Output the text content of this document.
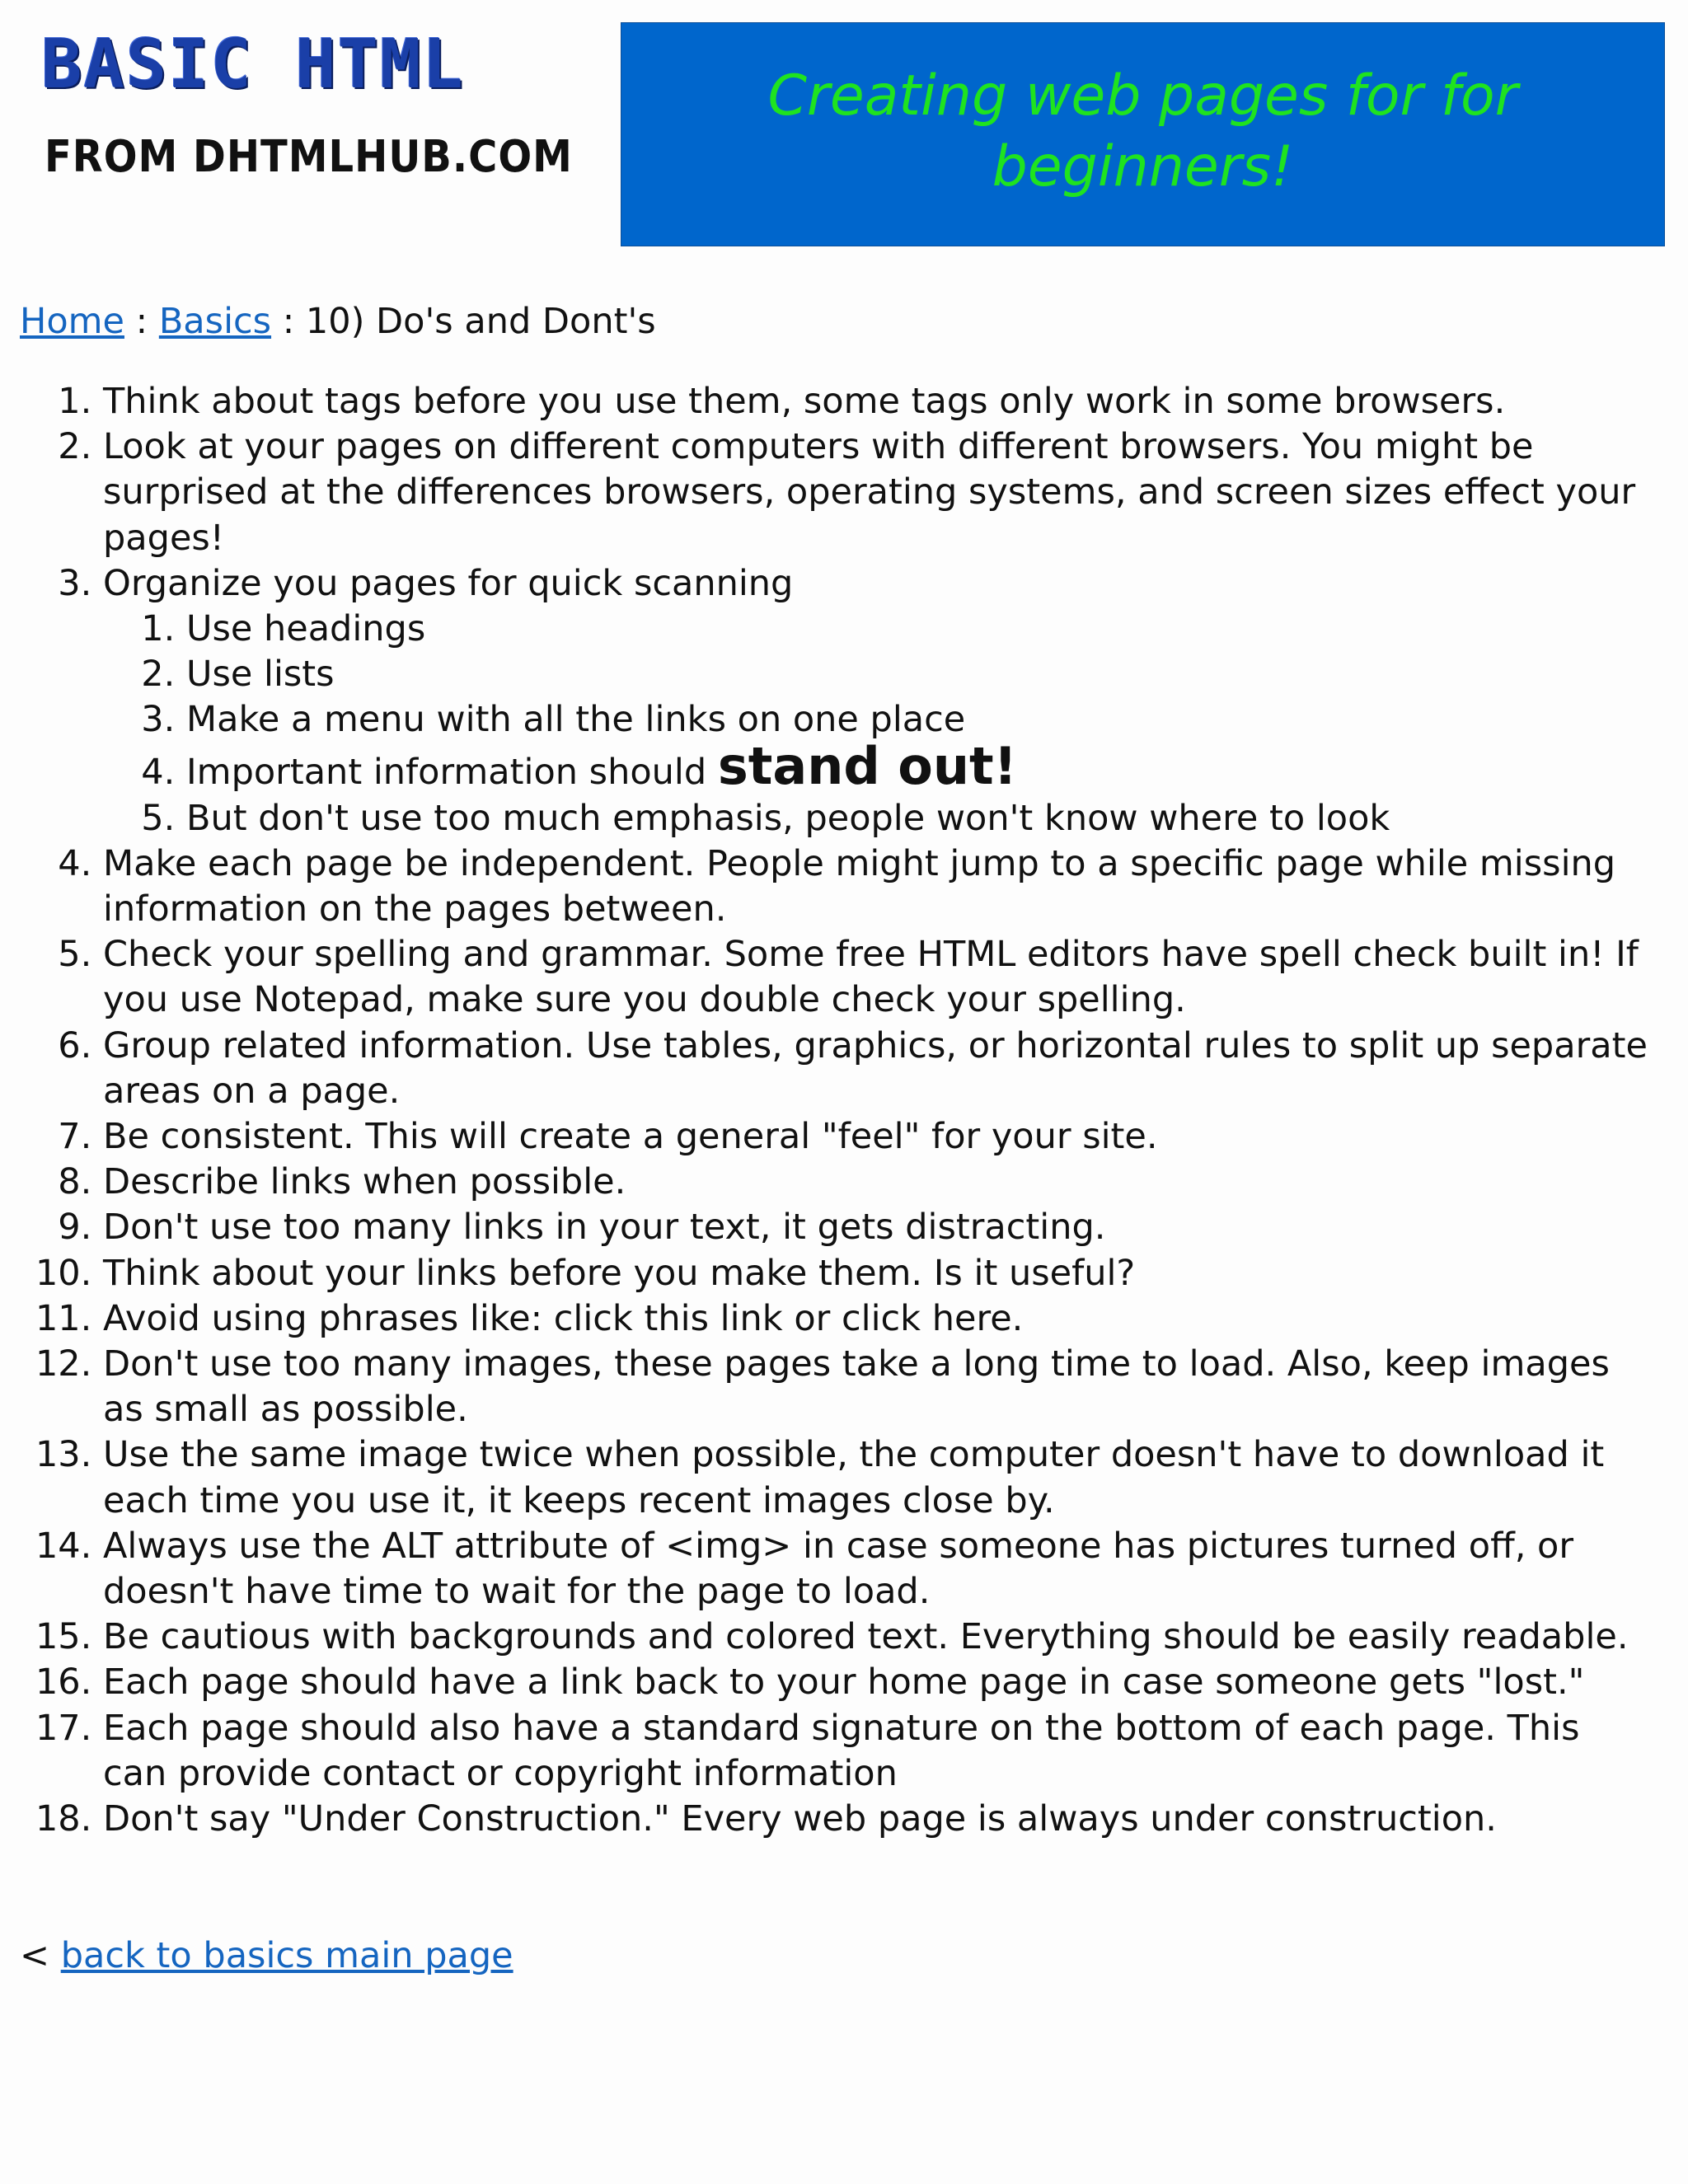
BASIC HTML
FROM DHTMLHUB.COM
Creating web pages for for beginners!
Home : Basics : 10) Do's and Dont's
1. Think about tags before you use them, some tags only work in some browsers.
2. Look at your pages on different computers with different browsers. You might be surprised at the differences browsers, operating systems, and screen sizes effect your pages!
3. Organize you pages for quick scanning
1. Use headings
2. Use lists
3. Make a menu with all the links on one place
4. Important information should stand out!
5. But don't use too much emphasis, people won't know where to look
4. Make each page be independent. People might jump to a specific page while missing information on the pages between.
5. Check your spelling and grammar. Some free HTML editors have spell check built in! If you use Notepad, make sure you double check your spelling.
6. Group related information. Use tables, graphics, or horizontal rules to split up separate areas on a page.
7. Be consistent. This will create a general "feel" for your site.
8. Describe links when possible.
9. Don't use too many links in your text, it gets distracting.
10. Think about your links before you make them. Is it useful?
11. Avoid using phrases like: click this link or click here.
12. Don't use too many images, these pages take a long time to load. Also, keep images as small as possible.
13. Use the same image twice when possible, the computer doesn't have to download it each time you use it, it keeps recent images close by.
14. Always use the ALT attribute of <img> in case someone has pictures turned off, or doesn't have time to wait for the page to load.
15. Be cautious with backgrounds and colored text. Everything should be easily readable.
16. Each page should have a link back to your home page in case someone gets "lost."
17. Each page should also have a standard signature on the bottom of each page. This can provide contact or copyright information
18. Don't say "Under Construction." Every web page is always under construction.
< back to basics main page
